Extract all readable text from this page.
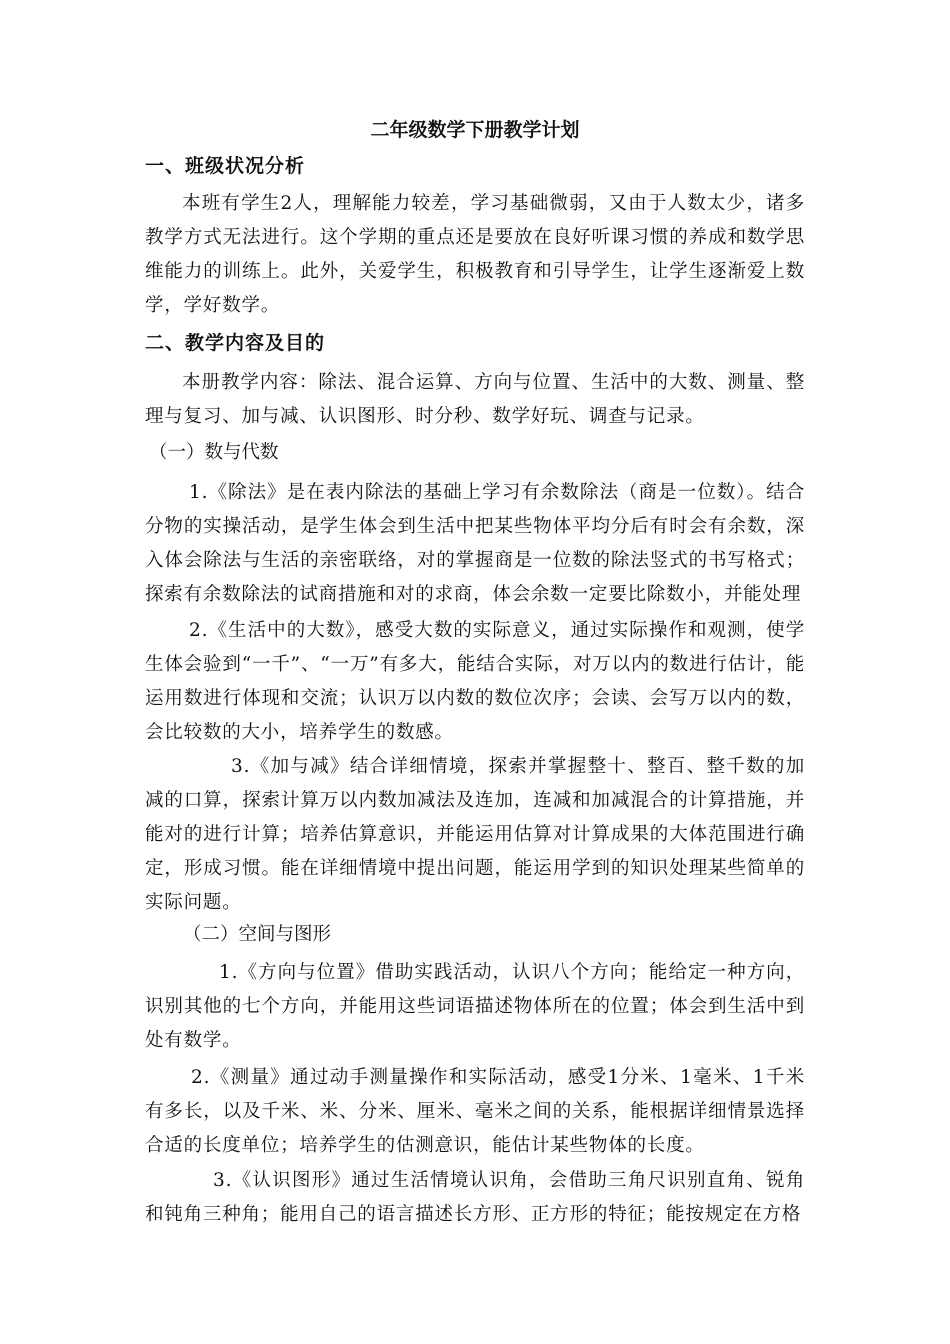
二年级数学下册教学计划
一、班级状况分析

本班有学生2人，理解能力较差，学习基础微弱，又由于人数太少，诸多教学方式无法进行。这个学期的重点还是要放在良好听课习惯的养成和数学思维能力的训练上。此外，关爱学生，积极教育和引导学生，让学生逐渐爱上数学，学好数学。

二、教学内容及目的

本册教学内容：除法、混合运算、方向与位置、生活中的大数、测量、整理与复习、加与减、认识图形、时分秒、数学好玩、调查与记录。

（一）数与代数

1.《除法》是在表内除法的基础上学习有余数除法（商是一位数）。结合分物的实操活动，是学生体会到生活中把某些物体平均分后有时会有余数，深入体会除法与生活的亲密联络，对的掌握商是一位数的除法竖式的书写格式；探索有余数除法的试商措施和对的求商，体会余数一定要比除数小，并能处理

2.《生活中的大数》，感受大数的实际意义，通过实际操作和观测，使学生体会验到“一千”、“一万”有多大，能结合实际，对万以内的数进行估计，能运用数进行体现和交流；认识万以内数的数位次序；会读、会写万以内的数，会比较数的大小，培养学生的数感。

3.《加与减》结合详细情境，探索并掌握整十、整百、整千数的加减的口算，探索计算万以内数加减法及连加，连减和加减混合的计算措施，并能对的进行计算；培养估算意识，并能运用估算对计算成果的大体范围进行确定，形成习惯。能在详细情境中提出问题，能运用学到的知识处理某些简单的实际问题。

（二）空间与图形

1.《方向与位置》借助实践活动，认识八个方向；能给定一种方向，识别其他的七个方向，并能用这些词语描述物体所在的位置；体会到生活中到处有数学。

2.《测量》通过动手测量操作和实际活动，感受1分米、1毫米、1千米有多长，以及千米、米、分米、厘米、毫米之间的关系，能根据详细情景选择合适的长度单位；培养学生的估测意识，能估计某些物体的长度。

3.《认识图形》通过生活情境认识角，会借助三角尺识别直角、锐角和钝角三种角；能用自己的语言描述长方形、正方形的特征；能按规定在方格
